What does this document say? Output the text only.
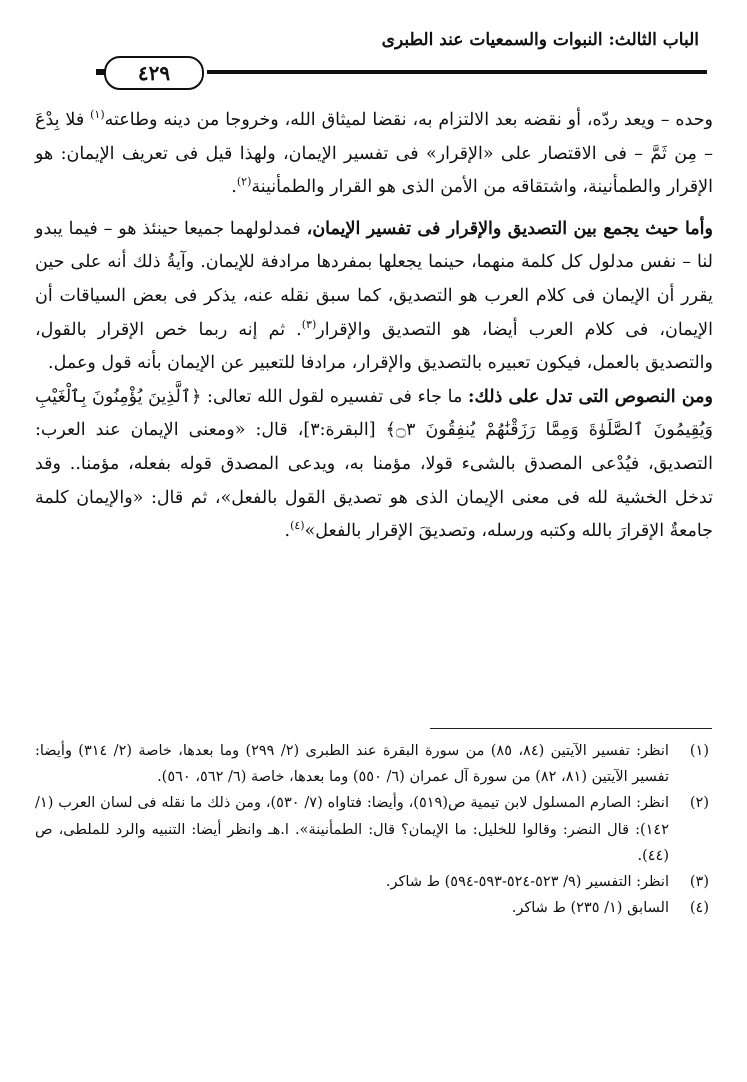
الباب الثالث: النبوات والسمعيات عند الطبرى
٤٢٩

وحده – ويعد ردّه، أو نقضه بعد الالتزام به، نقضا لميثاق الله، وخروجا من دينه وطاعته$^{(١)}$ فلا بِدْعَ – مِن ثَمَّ – فى الاقتصار على «الإقرار» فى تفسير الإيمان، ولهذا قيل فى تعريف الإيمان: هو الإقرار والطمأنينة، واشتقاقه من الأمن الذى هو القرار والطمأنينة$^{(٢)}$.

وأما حيث يجمع بين التصديق والإقرار فى تفسير الإيمان، فمدلولهما جميعا حينئذ هو – فيما يبدو لنا – نفس مدلول كل كلمة منهما، حينما يجعلها بمفردها مرادفة للإيمان. وآيةُ ذلك أنه على حين يقرر أن الإيمان فى كلام العرب هو التصديق، كما سبق نقله عنه، يذكر فى بعض السياقات أن الإيمان، فى كلام العرب أيضا، هو التصديق والإقرار$^{(٣)}$. ثم إنه ربما خص الإقرار بالقول، والتصديق بالعمل، فيكون تعبيره بالتصديق والإقرار، مرادفا للتعبير عن الإيمان بأنه قول وعمل.

ومن النصوص التى تدل على ذلك: ما جاء فى تفسيره لقول الله تعالى: ﴿ٱلَّذِينَ يُؤْمِنُونَ بِٱلْغَيْبِ وَيُقِيمُونَ ٱلصَّلَوٰةَ وَمِمَّا رَزَقْنَٰهُمْ يُنفِقُونَ ۝٣﴾ [البقرة:٣]، قال: «ومعنى الإيمان عند العرب: التصديق، فيُدْعى المصدق بالشىء قولا، مؤمنا به، ويدعى المصدق قوله بفعله، مؤمنا.. وقد تدخل الخشية لله فى معنى الإيمان الذى هو تصديق القول بالفعل»، ثم قال: «والإيمان كلمة جامعةٌ الإقرارَ بالله وكتبه ورسله، وتصديقَ الإقرار بالفعل»$^{(٤)}$.

(١)
انظر: تفسير الآيتين (٨٤، ٨٥) من سورة البقرة عند الطبرى (٢/ ٢٩٩) وما بعدها، خاصة (٢/ ٣١٤) وأيضا: تفسير الآيتين (٨١، ٨٢) من سورة آل عمران (٦/ ٥٥٠) وما بعدها، خاصة (٦/ ٥٦٢، ٥٦٠).
(٢)
انظر: الصارم المسلول لابن تيمية ص(٥١٩)، وأيضا: فتاواه (٧/ ٥٣٠)، ومن ذلك ما نقله فى لسان العرب (١/ ١٤٢): قال النضر: وقالوا للخليل: ما الإيمان؟ قال: الطمأنينة». ا.هـ وانظر أيضا: التنبيه والرد للملطى، ص (٤٤).
(٣)
انظر: التفسير (٩/ ٥٢٣-٥٢٤-٥٩٣-٥٩٤) ط شاكر.
(٤)
السابق (١/ ٢٣٥) ط شاكر.
